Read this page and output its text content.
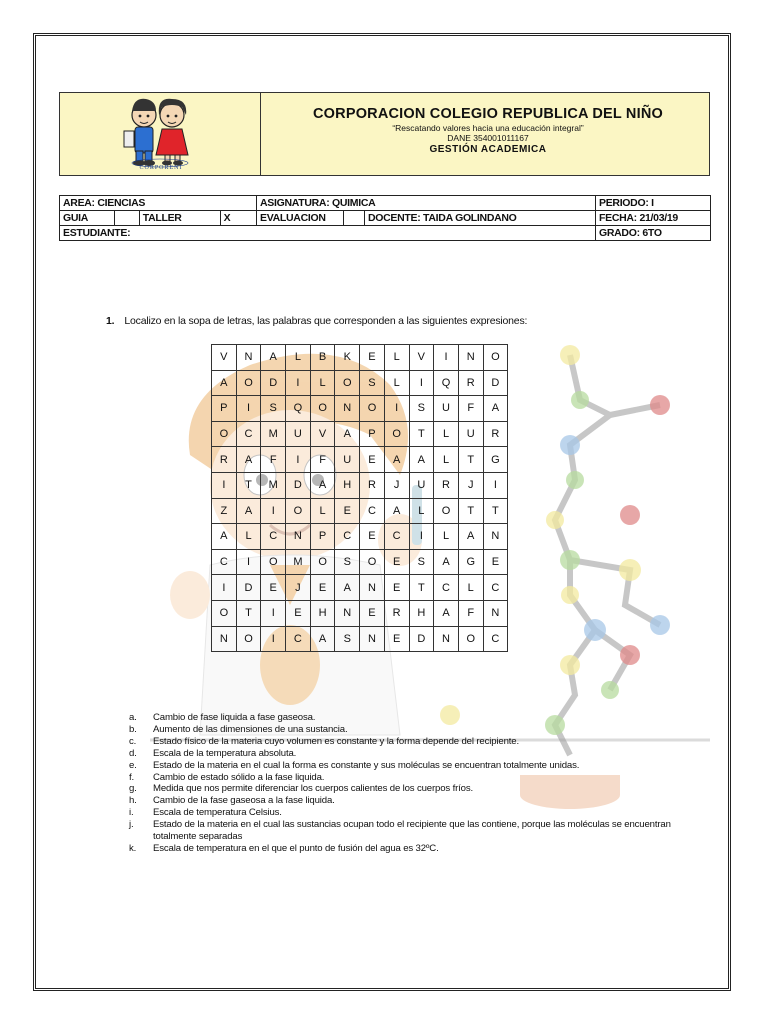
CORPORENI
CORPORACION COLEGIO REPUBLICA DEL NIÑO
“Rescatando valores hacia una educación integral”
DANE 354001011167
GESTIÓN ACADEMICA
AREA: CIENCIAS				ASIGNATURA: QUIMICA			PERIODO: I
GUIA		TALLER	X	EVALUACION		DOCENTE: TAIDA GOLINDANO	FECHA: 21/03/19
ESTUDIANTE:							GRADO: 6TO
1. Localizo en la sopa de letras, las palabras que corresponden a las siguientes expresiones:
V	N	A	L	B	K	E	L	V	I	N	O
A	O	D	I	L	O	S	L	I	Q	R	D
P	I	S	Q	O	N	O	I	S	U	F	A
O	C	M	U	V	A	P	O	T	L	U	R
R	A	F	I	F	U	E	A	A	L	T	G
I	T	M	D	A	H	R	J	U	R	J	I
Z	A	I	O	L	E	C	A	L	O	T	T
A	L	C	N	P	C	E	C	I	L	A	N
C	I	O	M	O	S	O	E	S	A	G	E
I	D	E	J	E	A	N	E	T	C	L	C
O	T	I	E	H	N	E	R	H	A	F	N
N	O	I	C	A	S	N	E	D	N	O	C
a.	Cambio de fase liquida a fase gaseosa.
b.	Aumento de las dimensiones de una sustancia.
c.	Estado físico de la materia cuyo volumen es constante y la forma depende del recipiente.
d.	Escala de la temperatura absoluta.
e.	Estado de la materia en el cual la forma es constante y sus moléculas se encuentran totalmente unidas.
f.	Cambio de estado sólido a la fase liquida.
g.	Medida que nos permite diferenciar los cuerpos calientes de los cuerpos fríos.
h.	Cambio de la fase gaseosa a la fase liquida.
i.	Escala de temperatura Celsius.
j.	Estado de la materia en el cual las sustancias ocupan todo el recipiente que las contiene, porque las moléculas se encuentran totalmente separadas
k.	Escala de temperatura en el que el punto de fusión del agua es 32ºC.
